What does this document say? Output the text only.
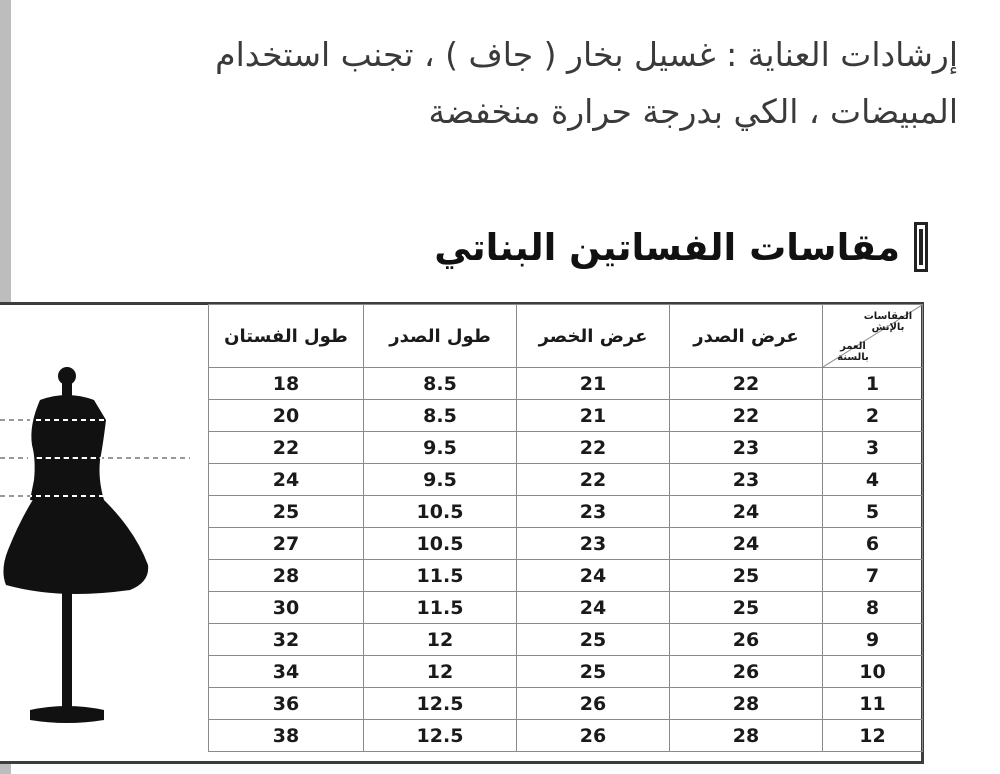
إرشادات العناية : غسيل بخار ( جاف ) ، تجنب استخدام
المبيضات ، الكي بدرجة حرارة منخفضة

مقاسات الفساتين البناتي
المقاسات بالإنش
العمر بالسنة	عرض الصدر	عرض الخصر	طول الصدر	طول الفستان
1	22	21	8.5	18
2	22	21	8.5	20
3	23	22	9.5	22
4	23	22	9.5	24
5	24	23	10.5	25
6	24	23	10.5	27
7	25	24	11.5	28
8	25	24	11.5	30
9	26	25	12	32
10	26	25	12	34
11	28	26	12.5	36
12	28	26	12.5	38
